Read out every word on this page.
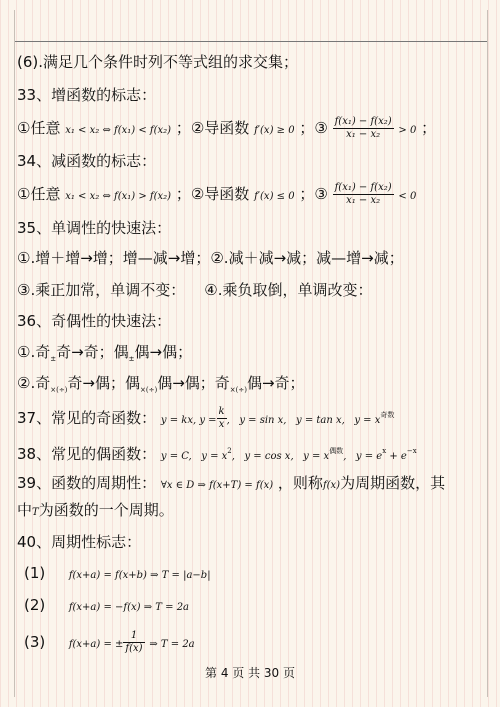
(6).满足几个条件时列不等式组的求交集；
33、增函数的标志：
①任意 x₁ < x₂ ⇔ f(x₁) < f(x₂) ；②导函数 f′(x) ≥ 0 ；③ $\frac{\text{f(x₁) − f(x₂)}}{\text{x₁ − x₂}} > 0$ ；
34、减函数的标志：
①任意 x₁ < x₂ ⇔ f(x₁) > f(x₂) ；②导函数 f′(x) ≤ 0 ；③ $\frac{\text{f(x₁) − f(x₂)}}{\text{x₁ − x₂}} < 0$
35、单调性的快速法：
①.增＋增→增；增—减→增；②.减＋减→减；减—增→减；
③.乘正加常，单调不变：    ④.乘负取倒，单调改变：
36、奇偶性的快速法：
①.奇$_\pm$奇→奇；偶$_\pm$偶→偶；
②.奇$_{\times(\div)}$奇→偶；偶$_{\times(\div)}$偶→偶；奇$_{\times(\div)}$偶→奇；
37、常见的奇函数： y = kx, $y = \frac{k}{x}$ ,   y = sin x,   y = tan x,   $y = x^{奇数}$
38、常见的偶函数： y = C,   $y = x^2$,   y = cos x,   $y = x^{偶数}$,   $y = e^x + e^{-x}$
39、函数的周期性： ∀x ∈ D ⇒ f(x+T) = f(x) ，则称f(x)为周期函数，其
中T为函数的一个周期。
40、周期性标志：
(1) f(x+a) = f(x+b) ⇒ T = |a−b|
(2) f(x+a) = −f(x) ⇒ T = 2a
(3) f(x+a) = ± $\frac{1}{f(x)}$ ⇒ T = 2a
第 4 页 共 30 页
